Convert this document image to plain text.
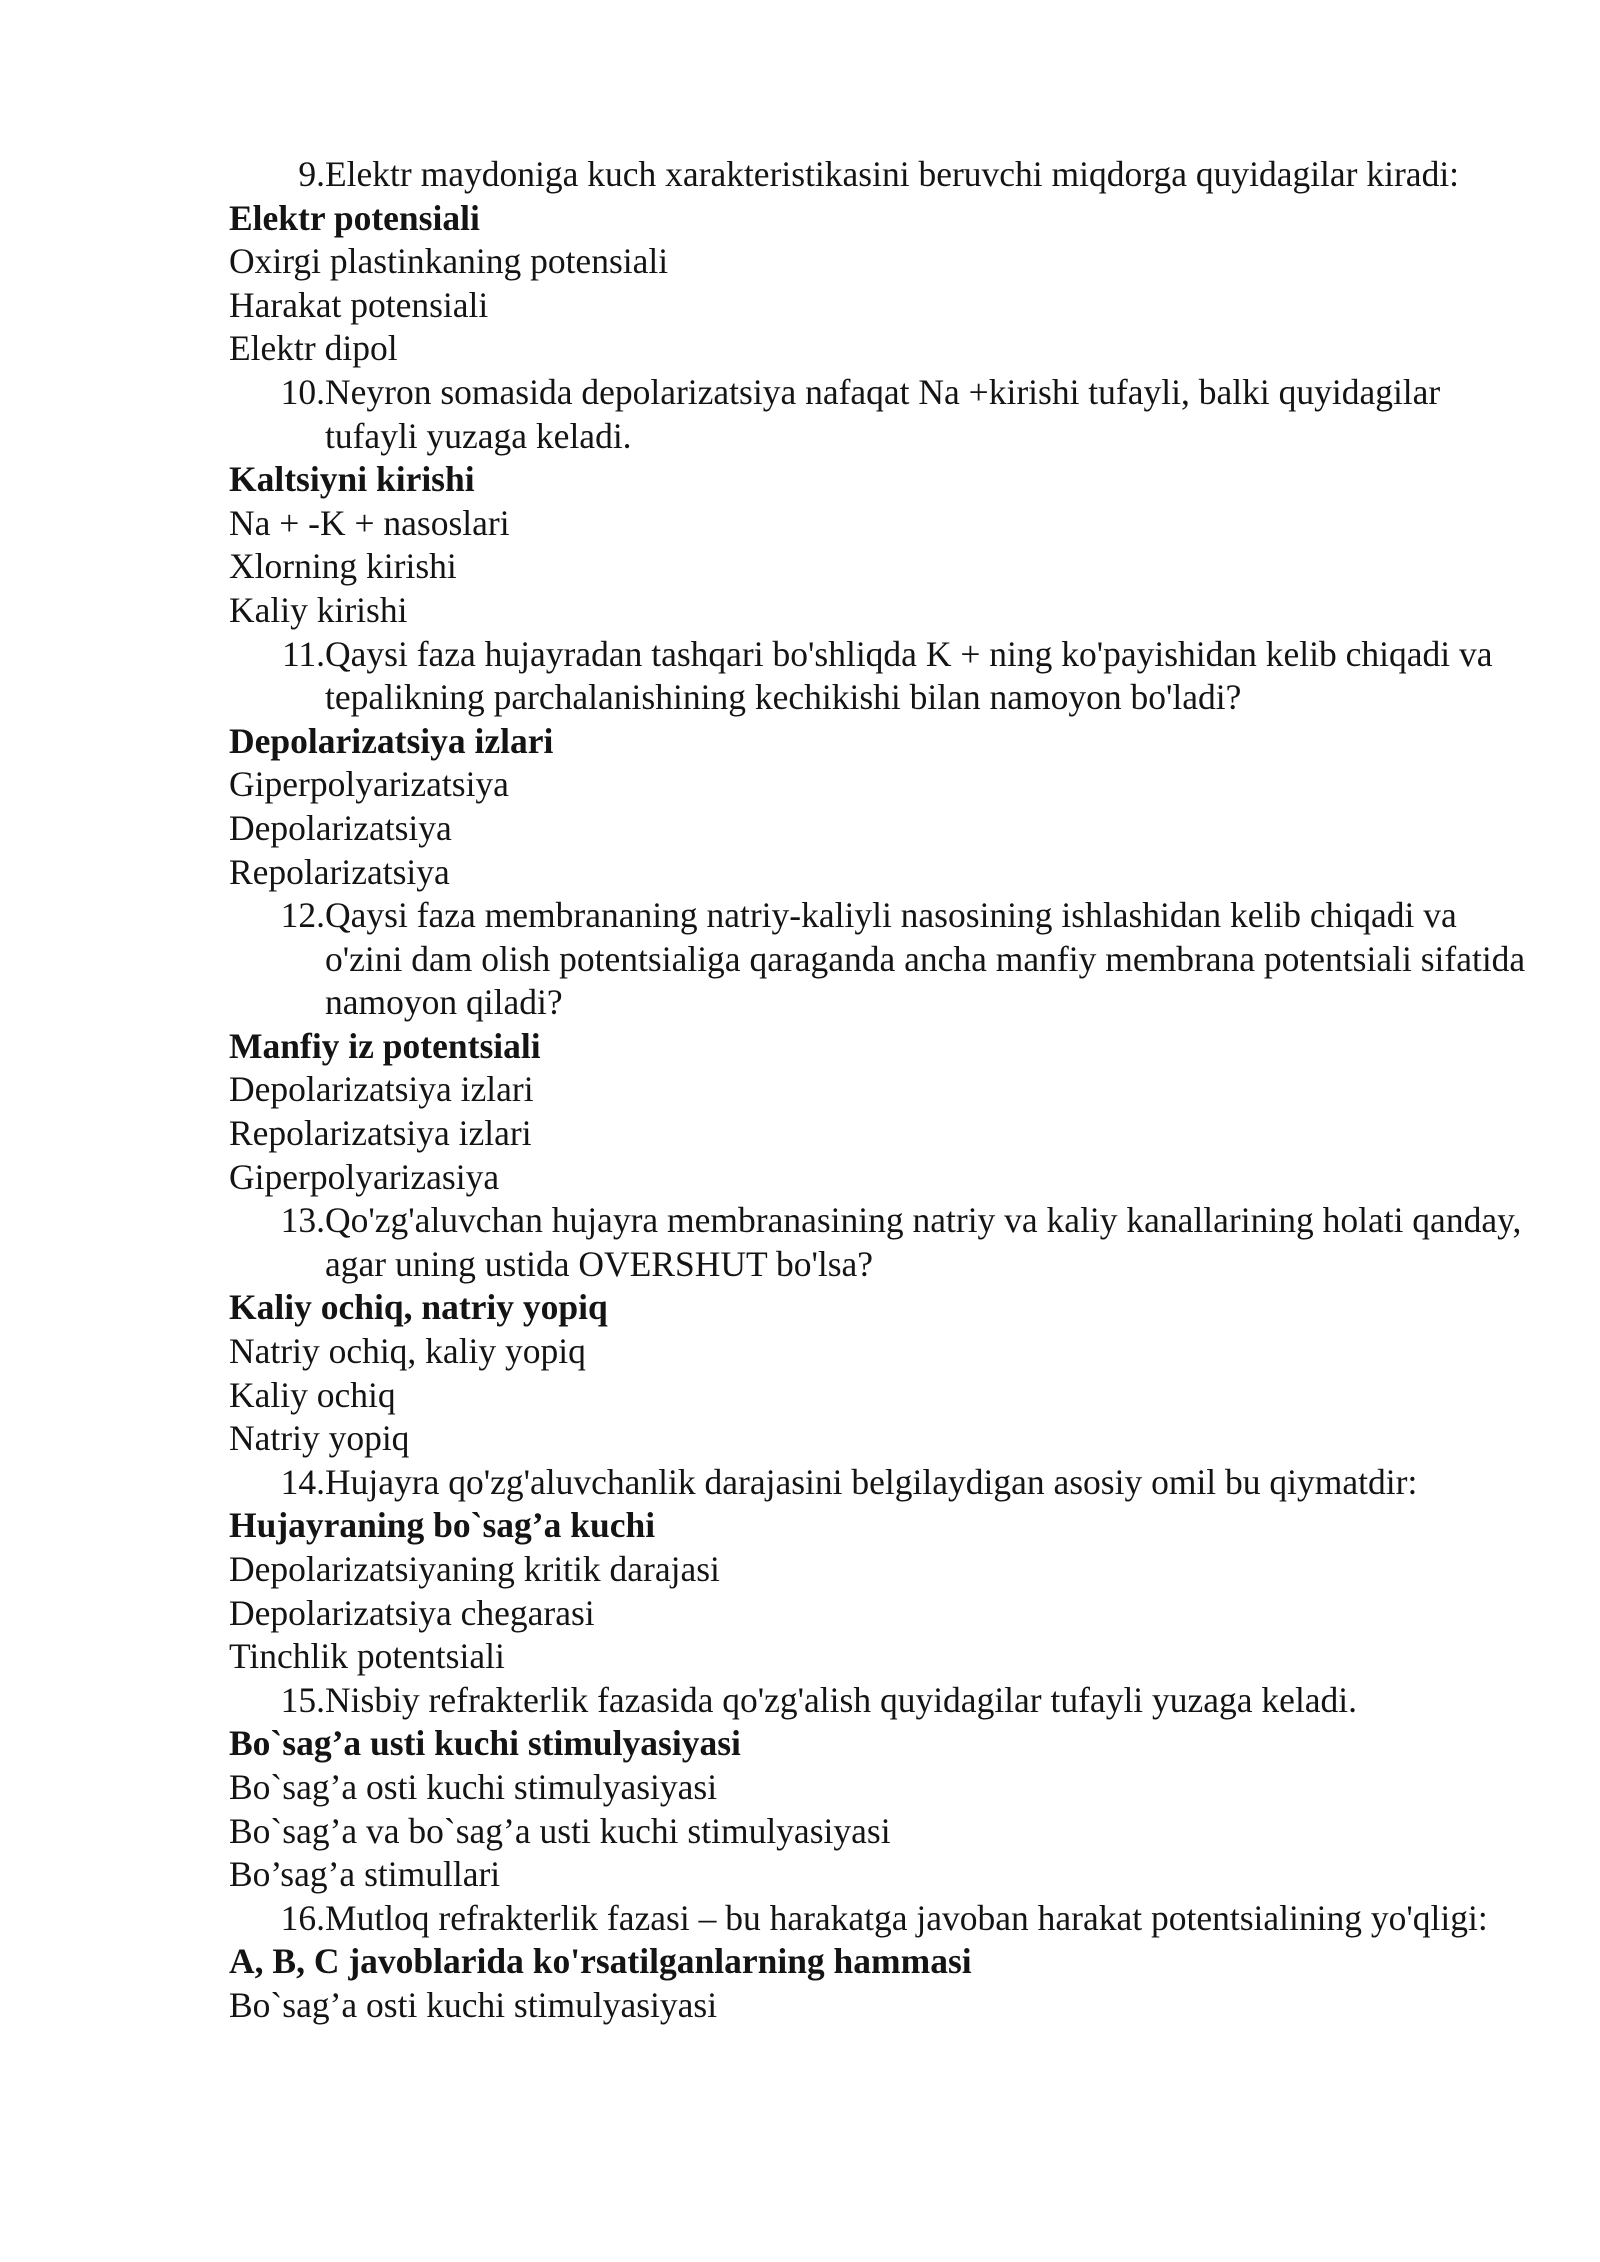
9. Elektr maydoniga kuch xarakteristikasini beruvchi miqdorga quyidagilar kiradi:
Elektr potensiali
Oxirgi plastinkaning potensiali
Harakat potensiali
Elektr dipol
10. Neyron somasida depolarizatsiya nafaqat Na +kirishi tufayli, balki quyidagilar tufayli yuzaga keladi.
Kaltsiyni kirishi
Na + -K + nasoslari
Xlorning kirishi
Kaliy kirishi
11. Qaysi faza hujayradan tashqari bo'shliqda K + ning ko'payishidan kelib chiqadi va tepalikning parchalanishining kechikishi bilan namoyon bo'ladi?
Depolarizatsiya izlari
Giperpolyarizatsiya
Depolarizatsiya
Repolarizatsiya
12. Qaysi faza membrananing natriy-kaliyli nasosining ishlashidan kelib chiqadi va o'zini dam olish potentsialiga qaraganda ancha manfiy membrana potentsiali sifatida namoyon qiladi?
Manfiy iz potentsiali
Depolarizatsiya izlari
Repolarizatsiya izlari
Giperpolyarizasiya
13. Qo'zg'aluvchan hujayra membranasining natriy va kaliy kanallarining holati qanday, agar uning ustida OVERSHUT bo'lsa?
Kaliy ochiq, natriy yopiq
Natriy ochiq, kaliy yopiq
Kaliy ochiq
Natriy yopiq
14. Hujayra qo'zg'aluvchanlik darajasini belgilaydigan asosiy omil bu qiymatdir:
Hujayraning bo`sag’a kuchi
Depolarizatsiyaning kritik darajasi
Depolarizatsiya chegarasi
Tinchlik potentsiali
15. Nisbiy refrakterlik fazasida qo'zg'alish quyidagilar tufayli yuzaga keladi.
Bo`sag’a usti kuchi stimulyasiyasi
Bo`sag’a osti kuchi stimulyasiyasi
Bo`sag’a va bo`sag’a usti kuchi stimulyasiyasi
Bo’sag’a stimullari
16. Mutloq refrakterlik fazasi – bu harakatga javoban harakat potentsialining yo'qligi:
A, B, C javoblarida ko'rsatilganlarning hammasi
Bo`sag’a osti kuchi stimulyasiyasi
